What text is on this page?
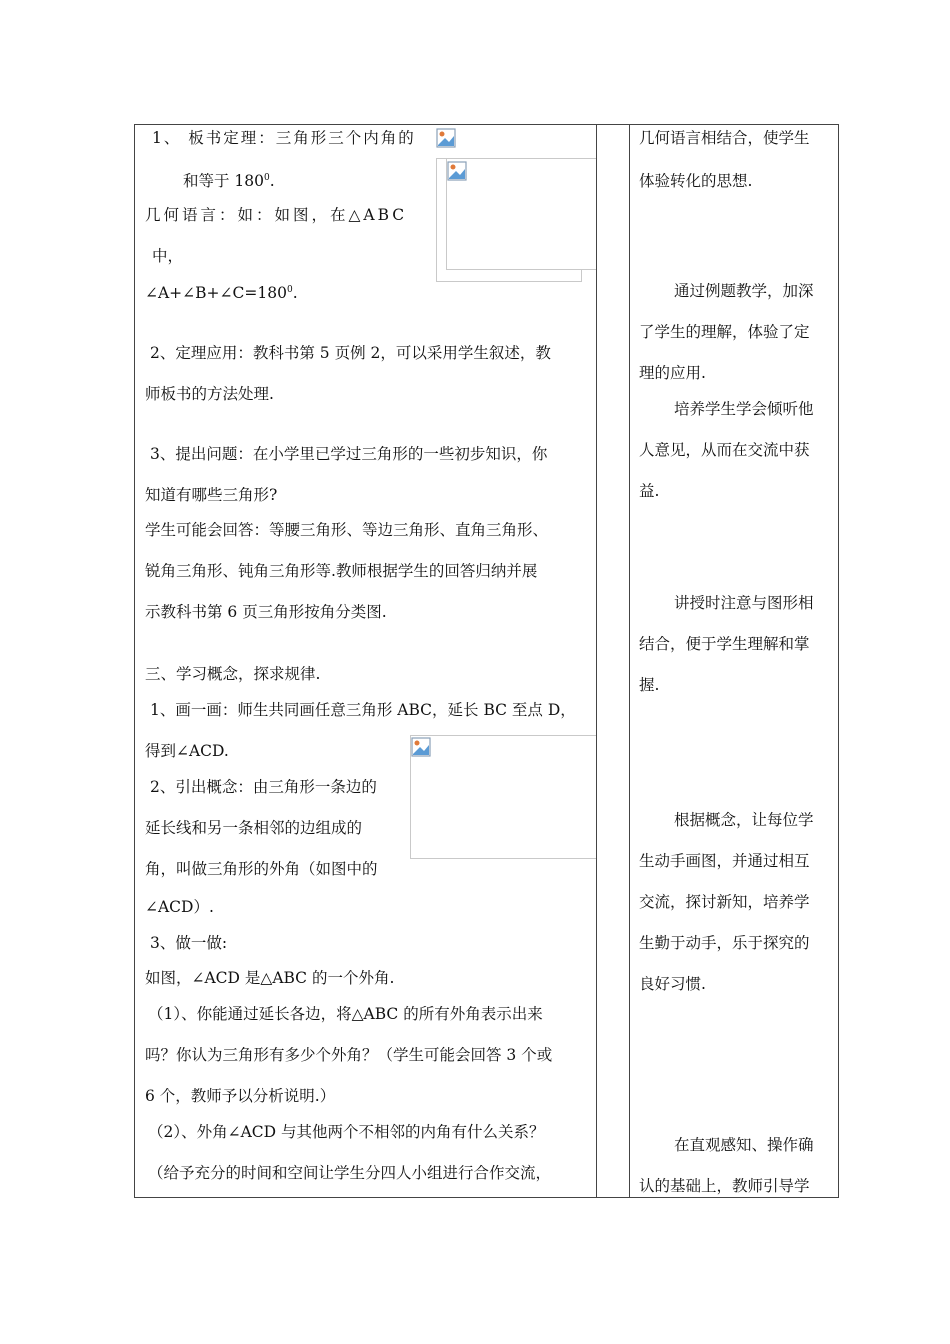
1、 板书定理：三角形三个内角的
和等于 $180^0$.
几何语言：如：如图，在△ABC
中，
$\angle A+\angle B+\angle C=180^0$.
2、定理应用：教科书第 5 页例 2，可以采用学生叙述，教
师板书的方法处理.
3、提出问题：在小学里已学过三角形的一些初步知识，你
知道有哪些三角形?
学生可能会回答：等腰三角形、等边三角形、直角三角形、
锐角三角形、钝角三角形等.教师根据学生的回答归纳并展
示教科书第 6 页三角形按角分类图.
三、学习概念，探求规律.
1、画一画：师生共同画任意三角形 ABC，延长 BC 至点 D，
得到∠ACD.
2、引出概念：由三角形一条边的
延长线和另一条相邻的边组成的
角，叫做三角形的外角（如图中的
∠ACD）.
3、做一做:
如图，∠ACD 是△ABC 的一个外角.
（1）、你能通过延长各边，将△ABC 的所有外角表示出来
吗？你认为三角形有多少个外角？（学生可能会回答 3 个或
6 个，教师予以分析说明.）
（2）、外角∠ACD 与其他两个不相邻的内角有什么关系？
（给予充分的时间和空间让学生分四人小组进行合作交流，
几何语言相结合，使学生
体验转化的思想.
通过例题教学，加深
了学生的理解，体验了定
理的应用.
培养学生学会倾听他
人意见，从而在交流中获
益.
讲授时注意与图形相
结合，便于学生理解和掌
握.
根据概念，让每位学
生动手画图，并通过相互
交流，探讨新知，培养学
生勤于动手，乐于探究的
良好习惯.
在直观感知、操作确
认的基础上，教师引导学
